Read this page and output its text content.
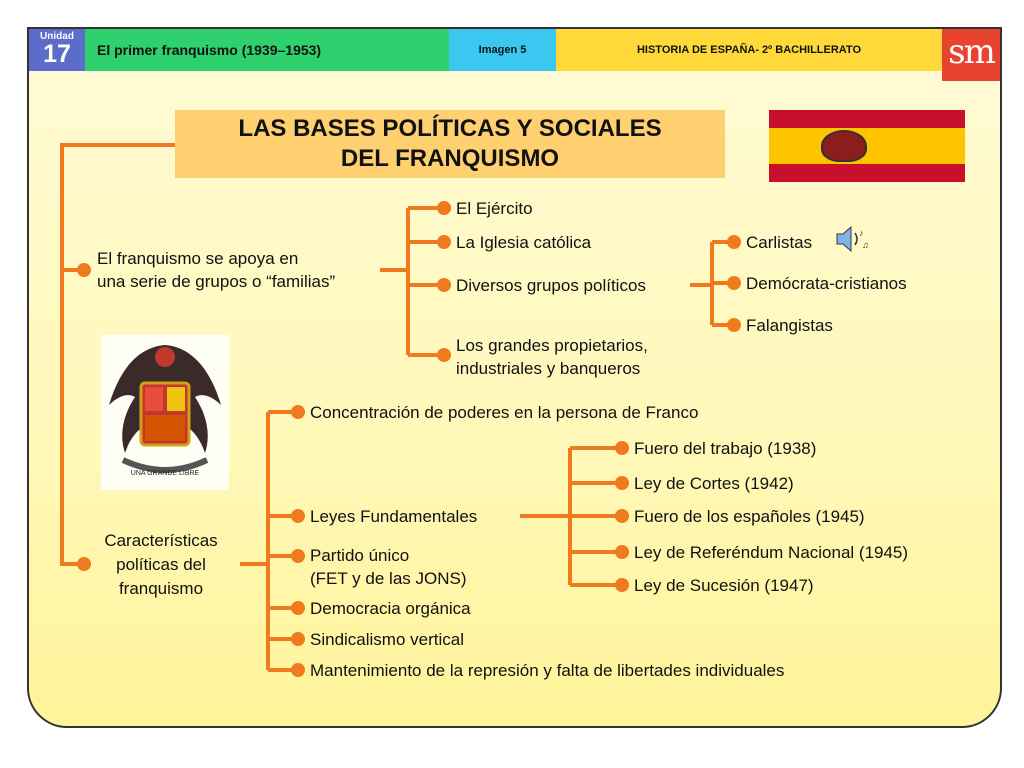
Unidad
17	El primer franquismo (1939–1953)	Imagen 5	HISTORIA DE ESPAÑA- 2º BACHILLERATO	sm
LAS BASES POLÍTICAS Y SOCIALES
DEL FRANQUISMO
UNA GRANDE LIBRE
♪
♫
El franquismo se apoya en
una serie de grupos o “familias”
El Ejército
La Iglesia católica
Diversos grupos políticos
Los grandes propietarios,
industriales y banqueros
Carlistas
Demócrata-cristianos
Falangistas
Características
políticas del
franquismo
Concentración de poderes en la persona de Franco
Leyes Fundamentales
Partido único
(FET y de las JONS)
Democracia orgánica
Sindicalismo vertical
Mantenimiento de la represión y falta de libertades individuales
Fuero del trabajo (1938)
Ley de Cortes (1942)
Fuero de los españoles (1945)
Ley de Referéndum Nacional (1945)
Ley de Sucesión (1947)
